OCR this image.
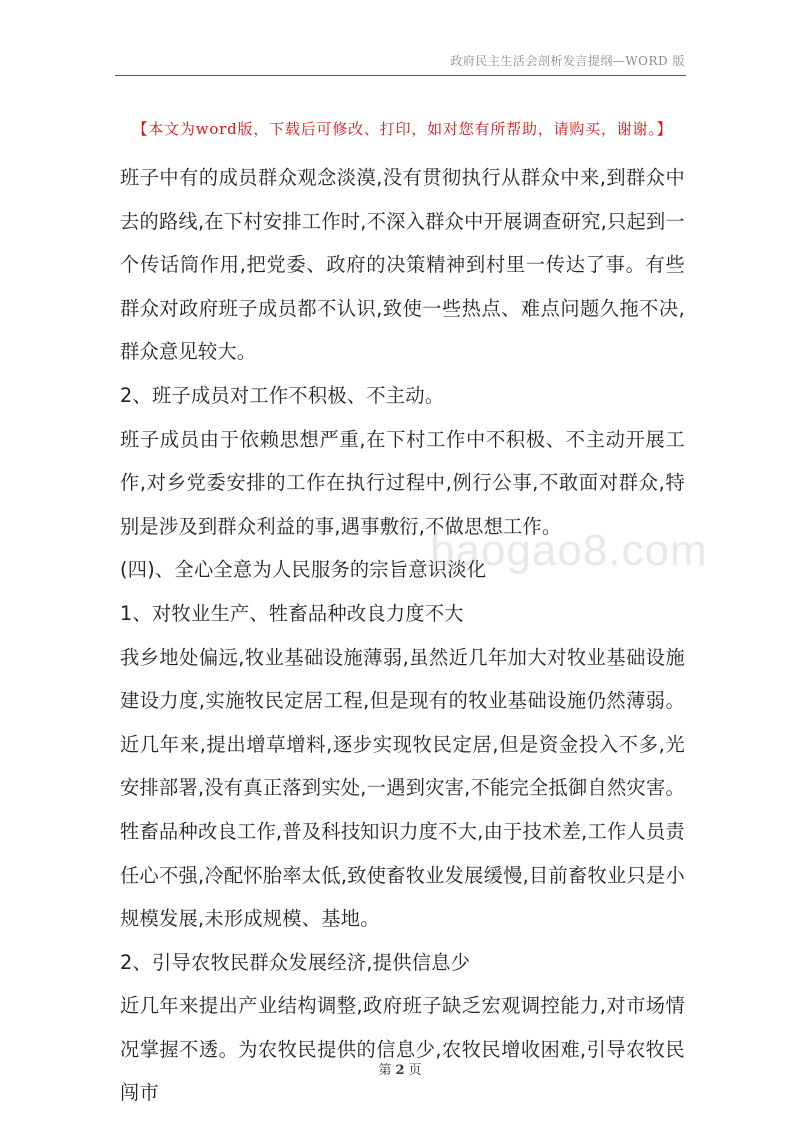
政府民主生活会剖析发言提纲—WORD 版
【本文为word版，下载后可修改、打印，如对您有所帮助，请购买，谢谢。】

班子中有的成员群众观念淡漠,没有贯彻执行从群众中来,到群众中去的路线,在下村安排工作时,不深入群众中开展调查研究,只起到一个传话筒作用,把党委、政府的决策精神到村里一传达了事。有些群众对政府班子成员都不认识,致使一些热点、难点问题久拖不决,群众意见较大。

2、班子成员对工作不积极、不主动。

班子成员由于依赖思想严重,在下村工作中不积极、不主动开展工作,对乡党委安排的工作在执行过程中,例行公事,不敢面对群众,特别是涉及到群众利益的事,遇事敷衍,不做思想工作。

(四)、全心全意为人民服务的宗旨意识淡化

1、对牧业生产、牲畜品种改良力度不大

我乡地处偏远,牧业基础设施薄弱,虽然近几年加大对牧业基础设施建设力度,实施牧民定居工程,但是现有的牧业基础设施仍然薄弱。近几年来,提出增草增料,逐步实现牧民定居,但是资金投入不多,光安排部署,没有真正落到实处,一遇到灾害,不能完全抵御自然灾害。牲畜品种改良工作,普及科技知识力度不大,由于技术差,工作人员责任心不强,冷配怀胎率太低,致使畜牧业发展缓慢,目前畜牧业只是小规模发展,未形成规模、基地。

2、引导农牧民群众发展经济,提供信息少

近几年来提出产业结构调整,政府班子缺乏宏观调控能力,对市场情况掌握不透。为农牧民提供的信息少,农牧民增收困难,引导农牧民闯市

baogao8.com
第 2 页
